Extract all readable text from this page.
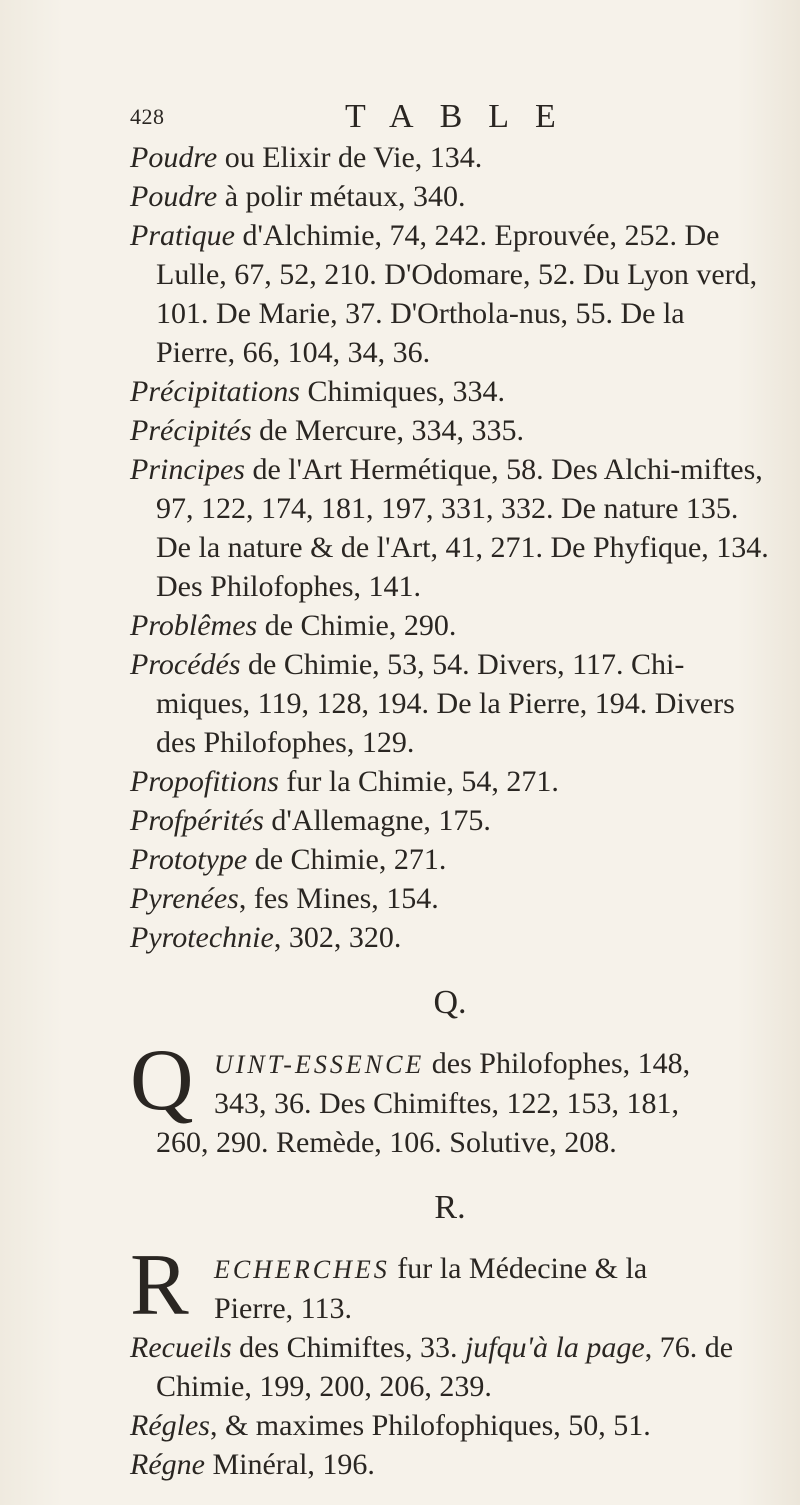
428	TABLE

Poudre ou Elixir de Vie, 134.

Poudre à polir métaux, 340.

Pratique d'Alchimie, 74, 242. Eprouvée, 252. De Lulle, 67, 52, 210. D'Odomare, 52. Du Lyon verd, 101. De Marie, 37. D'Orthola-nus, 55. De la Pierre, 66, 104, 34, 36.

Précipitations Chimiques, 334.

Précipités de Mercure, 334, 335.

Principes de l'Art Hermétique, 58. Des Alchi-miftes, 97, 122, 174, 181, 197, 331, 332. De nature 135. De la nature & de l'Art, 41, 271. De Phyfique, 134. Des Philofophes, 141.

Problêmes de Chimie, 290.

Procédés de Chimie, 53, 54. Divers, 117. Chi-miques, 119, 128, 194. De la Pierre, 194. Divers des Philofophes, 129.

Propofitions fur la Chimie, 54, 271.

Profpérités d'Allemagne, 175.

Prototype de Chimie, 271.

Pyrenées, fes Mines, 154.

Pyrotechnie, 302, 320.

Q.
Q UINT-ESSENCE des Philofophes, 148,
343, 36. Des Chimiftes, 122, 153, 181,
260, 290. Remède, 106. Solutive, 208.
R.
R ECHERCHES fur la Médecine & la
Pierre, 113.

Recueils des Chimiftes, 33. jufqu'à la page, 76. de Chimie, 199, 200, 206, 239.

Régles, & maximes Philofophiques, 50, 51.

Régne Minéral, 196.
